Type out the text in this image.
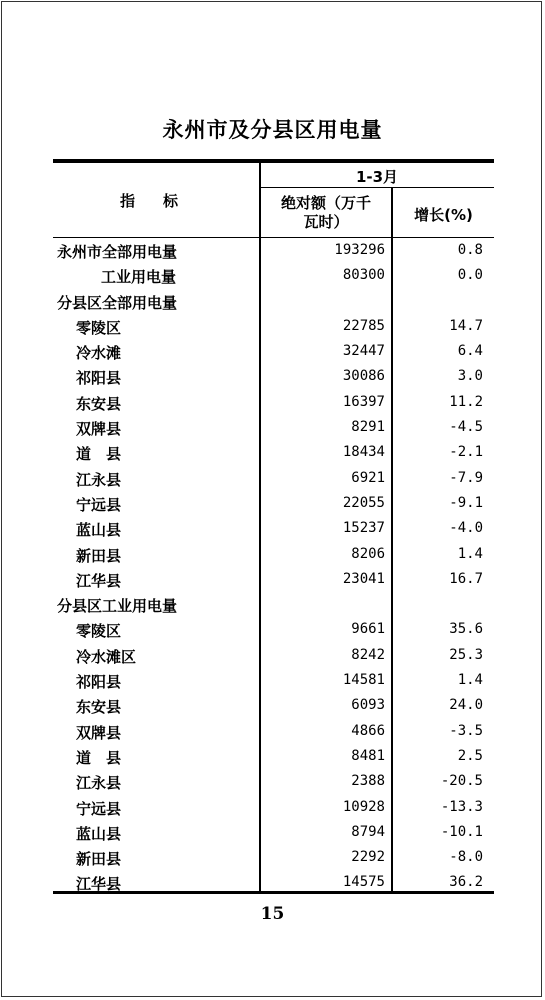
永州市及分县区用电量
指标
1-3月
绝对额（万千
瓦时）	增长(%)
永州市全部用电量	193296	0.8
工业用电量	80300	0.0
分县区全部用电量
零陵区	22785	14.7
冷水滩	32447	6.4
祁阳县	30086	3.0
东安县	16397	11.2
双牌县	8291	-4.5
道　县	18434	-2.1
江永县	6921	-7.9
宁远县	22055	-9.1
蓝山县	15237	-4.0
新田县	8206	1.4
江华县	23041	16.7
分县区工业用电量
零陵区	9661	35.6
冷水滩区	8242	25.3
祁阳县	14581	1.4
东安县	6093	24.0
双牌县	4866	-3.5
道　县	8481	2.5
江永县	2388	-20.5
宁远县	10928	-13.3
蓝山县	8794	-10.1
新田县	2292	-8.0
江华县	14575	36.2
15
